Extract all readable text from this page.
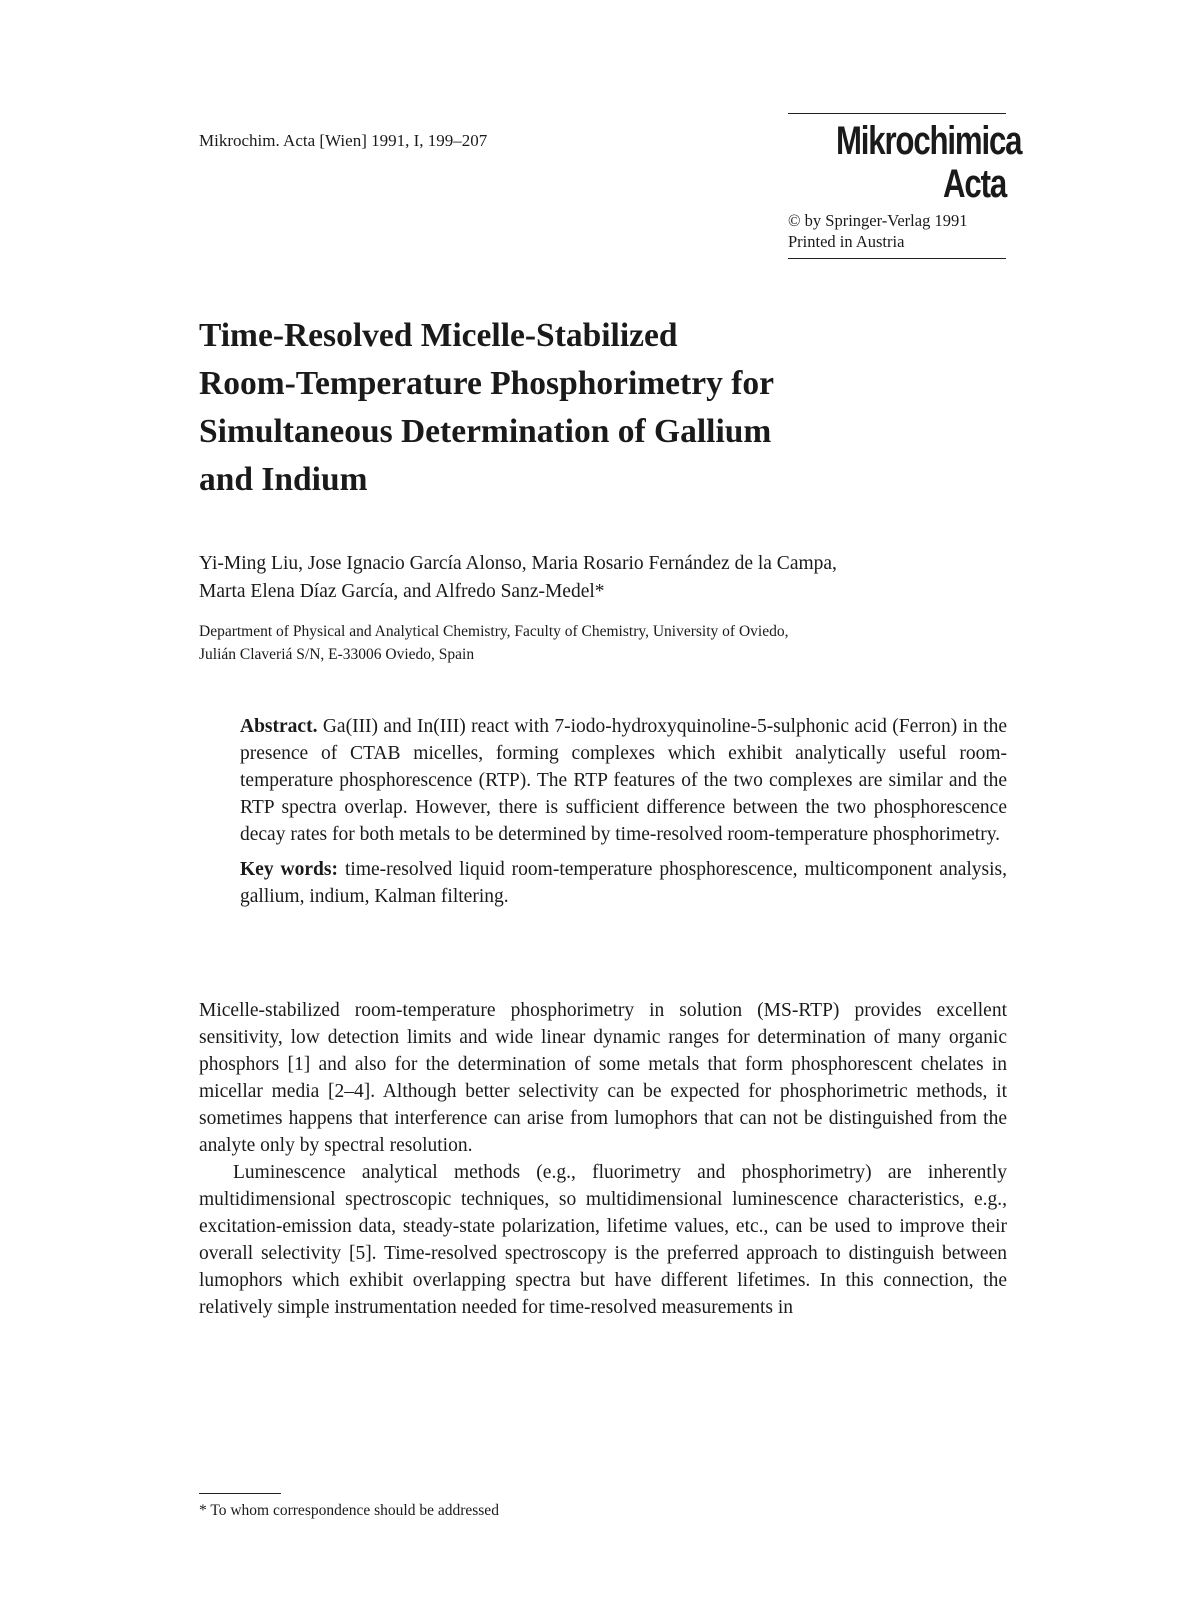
Mikrochim. Acta [Wien] 1991, I, 199–207	Mikrochimica
Acta
© by Springer-Verlag 1991
Printed in Austria
Time-Resolved Micelle-Stabilized
Room-Temperature Phosphorimetry for
Simultaneous Determination of Gallium
and Indium
Yi-Ming Liu, Jose Ignacio García Alonso, Maria Rosario Fernández de la Campa,
Marta Elena Díaz García, and Alfredo Sanz-Medel*
Department of Physical and Analytical Chemistry, Faculty of Chemistry, University of Oviedo,
Julián Claveriá S/N, E-33006 Oviedo, Spain

Abstract. Ga(III) and In(III) react with 7-iodo-hydroxyquinoline-5-sulphonic acid (Ferron) in the presence of CTAB micelles, forming complexes which exhibit analytically useful room-temperature phosphorescence (RTP). The RTP features of the two complexes are similar and the RTP spectra overlap. However, there is sufficient difference between the two phosphorescence decay rates for both metals to be determined by time-resolved room-temperature phosphorimetry.

Key words: time-resolved liquid room-temperature phosphorescence, multicomponent analysis, gallium, indium, Kalman filtering.

Micelle-stabilized room-temperature phosphorimetry in solution (MS-RTP) provides excellent sensitivity, low detection limits and wide linear dynamic ranges for determination of many organic phosphors [1] and also for the determination of some metals that form phosphorescent chelates in micellar media [2–4]. Although better selectivity can be expected for phosphorimetric methods, it sometimes happens that interference can arise from lumophors that can not be distinguished from the analyte only by spectral resolution.

Luminescence analytical methods (e.g., fluorimetry and phosphorimetry) are inherently multidimensional spectroscopic techniques, so multidimensional luminescence characteristics, e.g., excitation-emission data, steady-state polarization, lifetime values, etc., can be used to improve their overall selectivity [5]. Time-resolved spectroscopy is the preferred approach to distinguish between lumophors which exhibit overlapping spectra but have different lifetimes. In this connection, the relatively simple instrumentation needed for time-resolved measurements in

* To whom correspondence should be addressed
